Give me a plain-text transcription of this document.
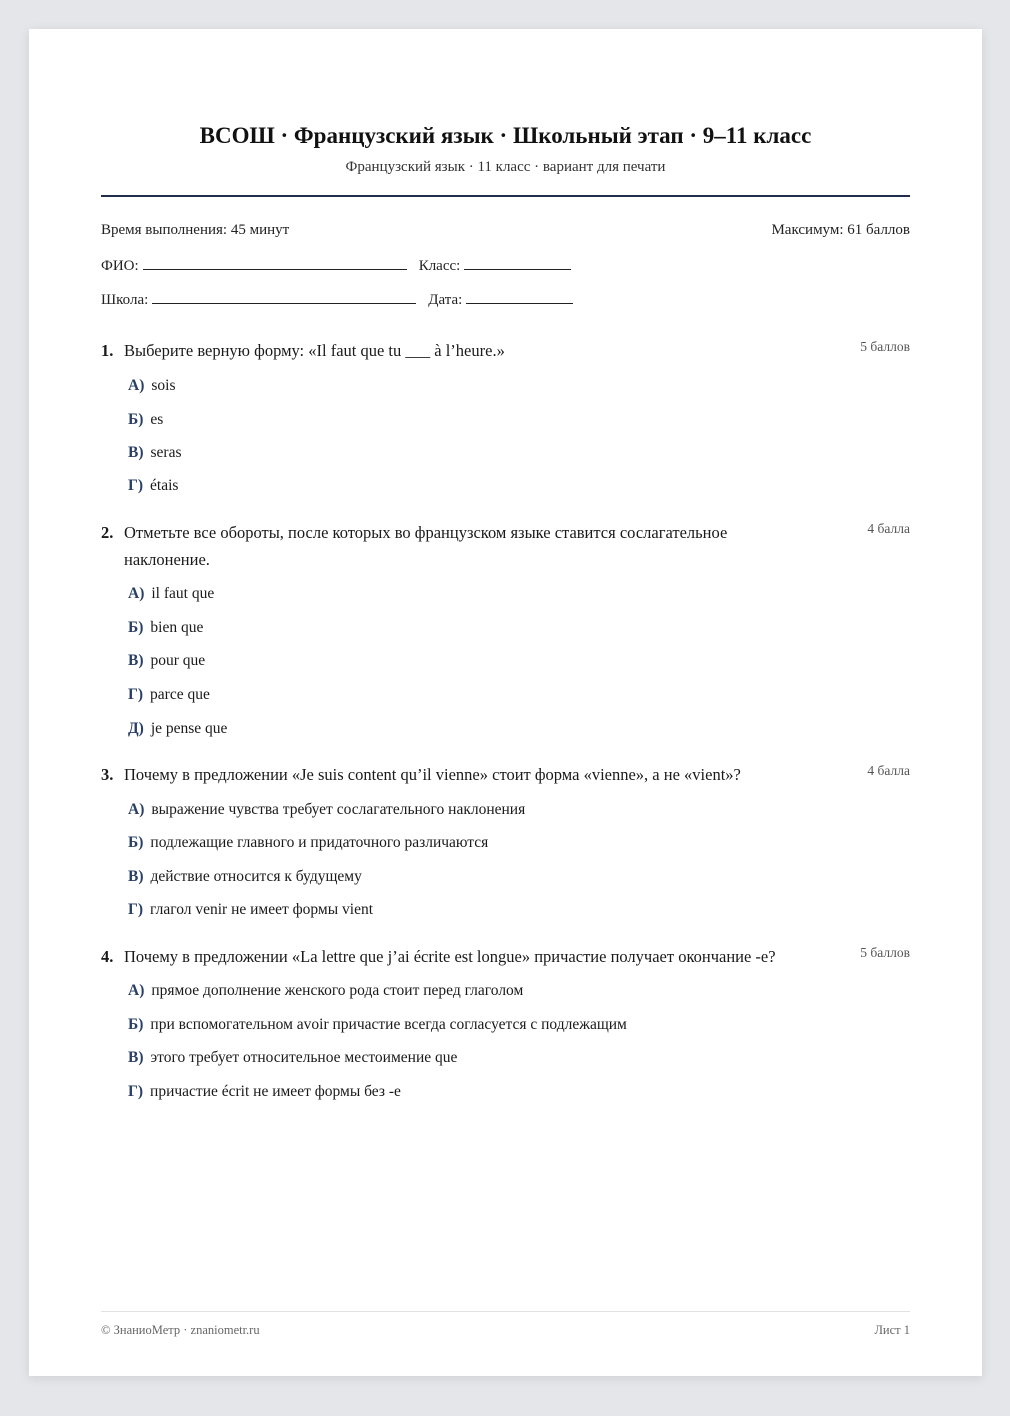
ВСОШ · Французский язык · Школьный этап · 9–11 класс
Французский язык · 11 класс · вариант для печати
Время выполнения: 45 минут	Максимум: 61 баллов
ФИО:	Класс:
Школа:	Дата:
1. Выберите верную форму: «Il faut que tu ___ à l’heure.»	5 баллов
А) sois
Б) es
В) seras
Г) étais
2. Отметьте все обороты, после которых во французском языке ставится сослагательное наклонение.
4 балла
А) il faut que
Б) bien que
В) pour que
Г) parce que
Д) je pense que
3. Почему в предложении «Je suis content qu’il vienne» стоит форма «vienne», а не «vient»?	4 балла
А) выражение чувства требует сослагательного наклонения
Б) подлежащие главного и придаточного различаются
В) действие относится к будущему
Г) глагол venir не имеет формы vient
4. Почему в предложении «La lettre que j’ai écrite est longue» причастие получает окончание -e?	5 баллов
А) прямое дополнение женского рода стоит перед глаголом
Б) при вспомогательном avoir причастие всегда согласуется с подлежащим
В) этого требует относительное местоимение que
Г) причастие écrit не имеет формы без -e
© ЗнаниоМетр · znaniometr.ru	Лист 1
